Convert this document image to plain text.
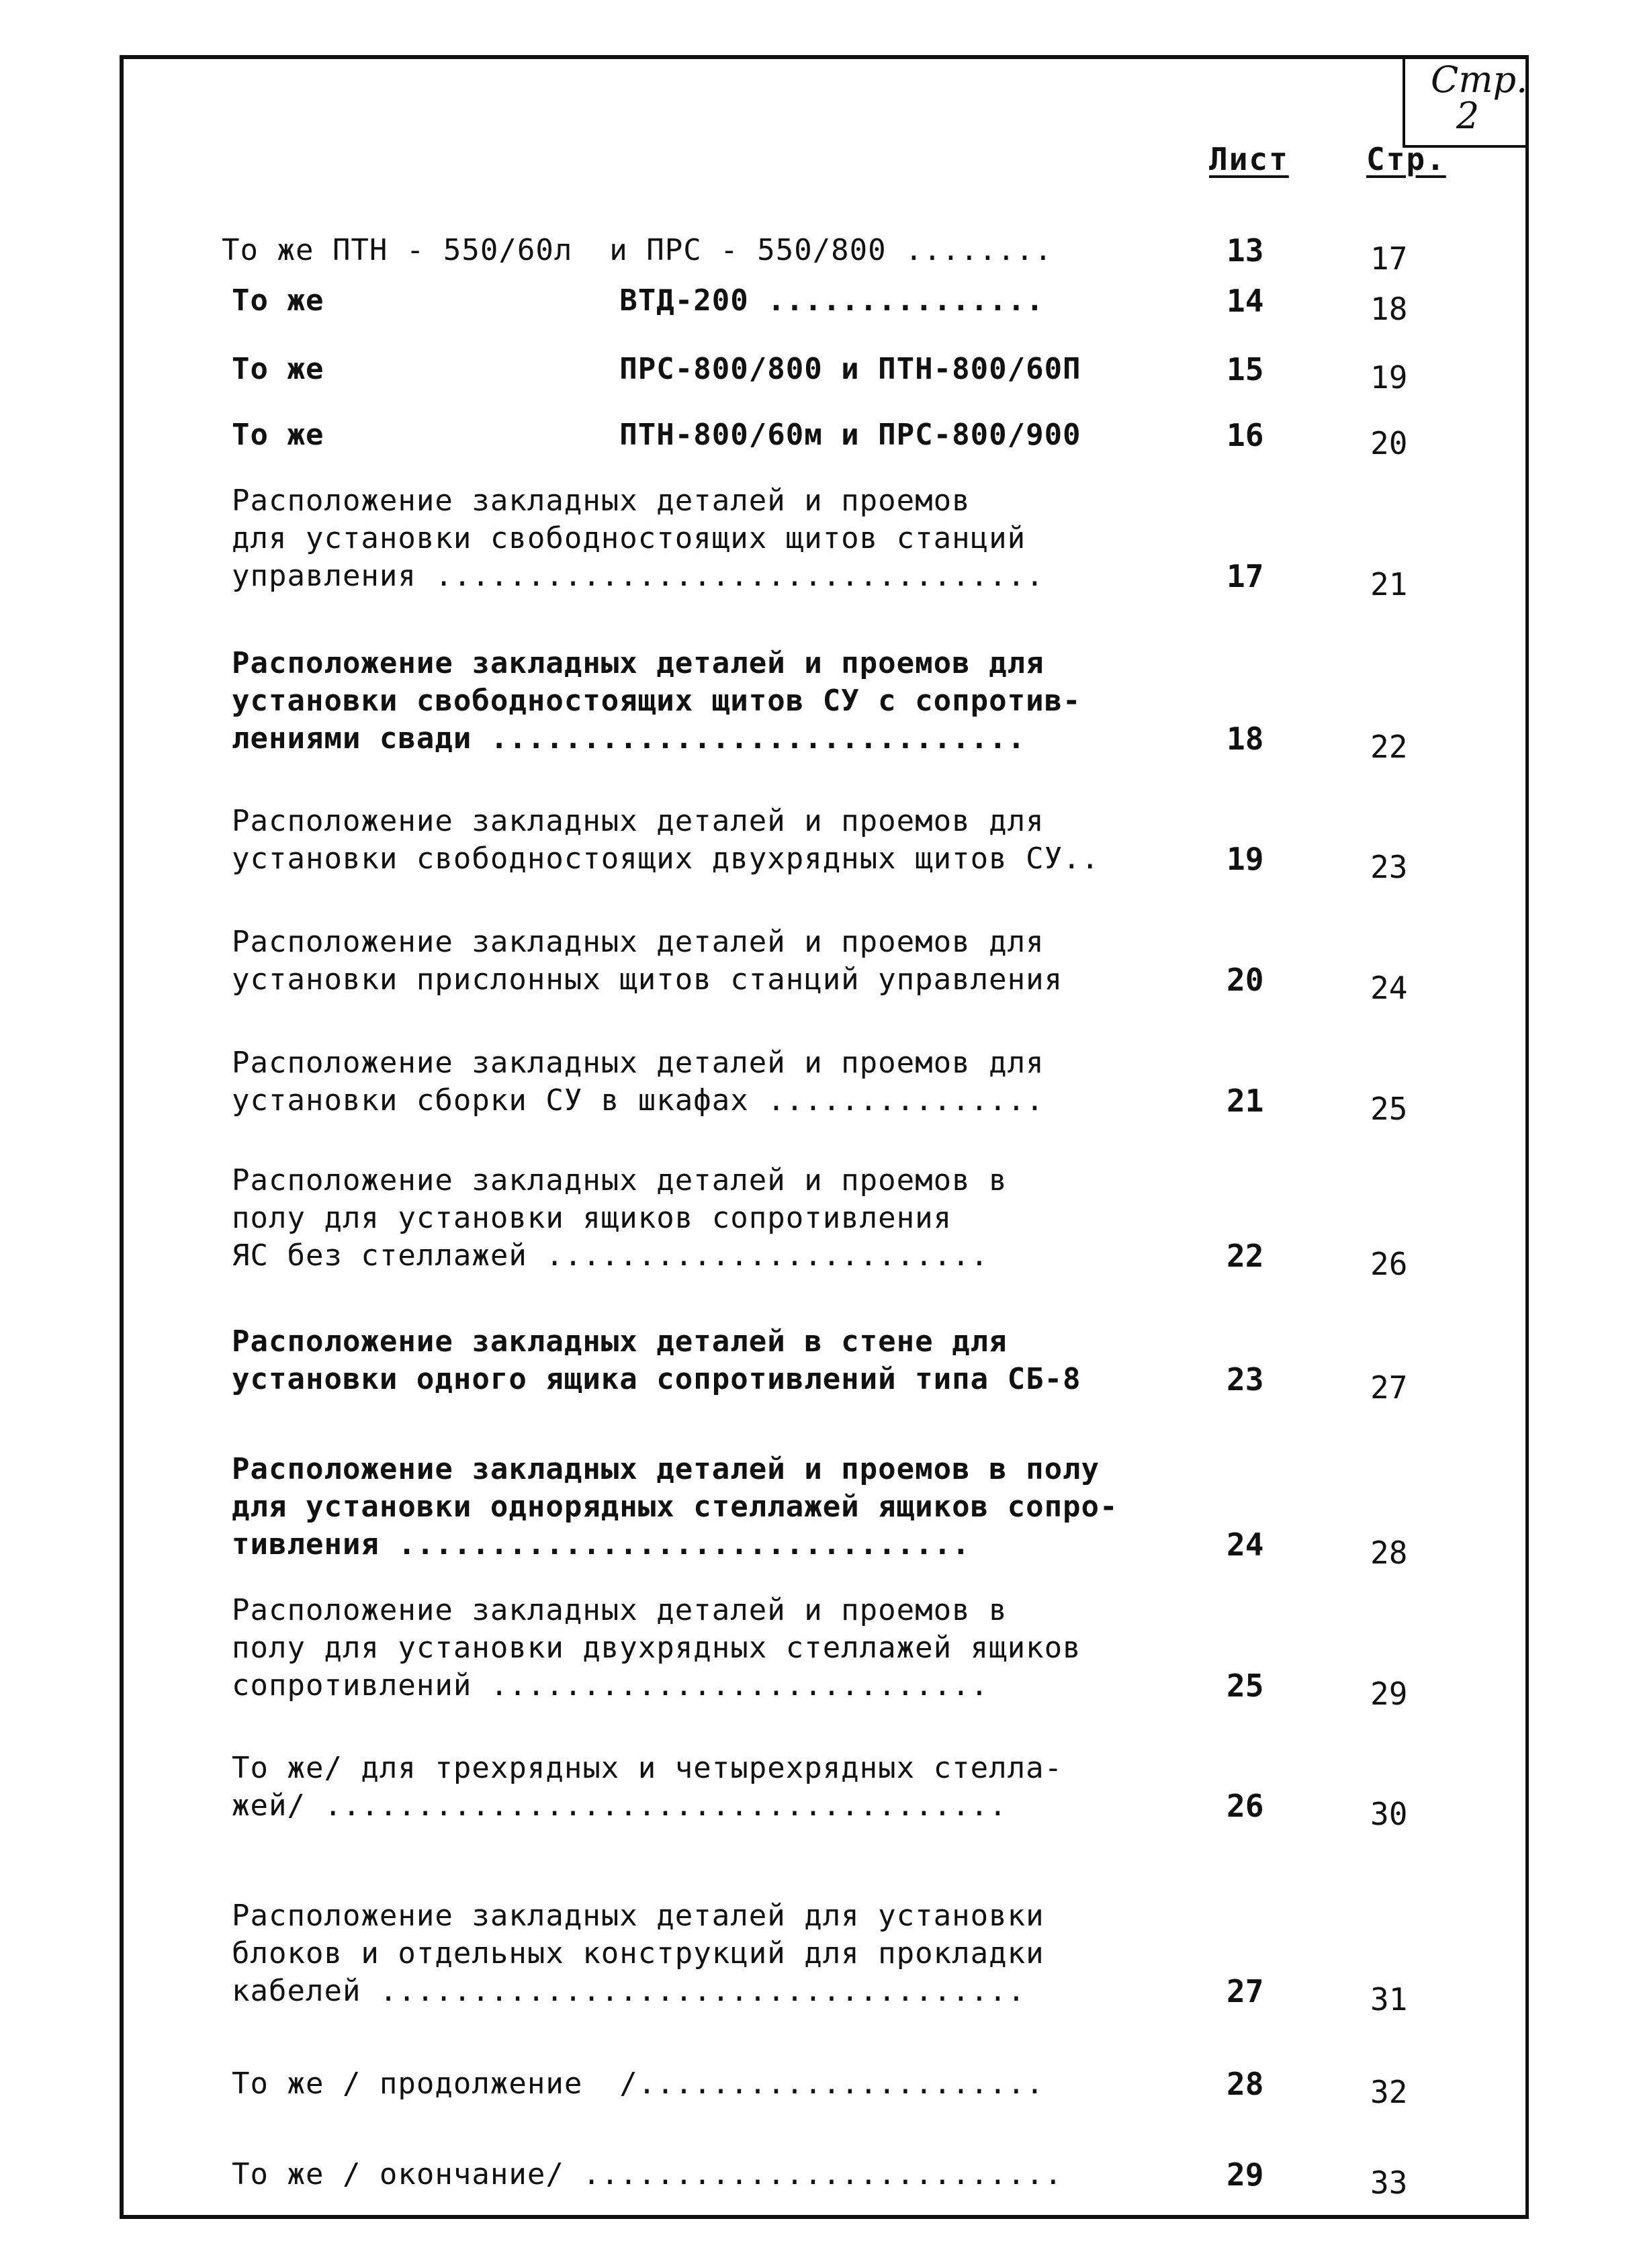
Стр.
2
Лист	Стр.
То же ПТН - 550/60л  и ПРС - 550/800 ........	13	17
То же                ВТД-200 ...............	14	18
То же                ПРС-800/800 и ПТН-800/60П	15	19
То же                ПТН-800/60м и ПРС-800/900	16	20
Расположение закладных деталей и проемов
для установки свободностоящих щитов станций
управления .................................	17	21
Расположение закладных деталей и проемов для
установки свободностоящих щитов СУ с сопротив-
лениями свади .............................	18	22
Расположение закладных деталей и проемов для
установки свободностоящих двухрядных щитов СУ..	19	23
Расположение закладных деталей и проемов для
установки прислонных щитов станций управления	20	24
Расположение закладных деталей и проемов для
установки сборки СУ в шкафах ...............	21	25
Расположение закладных деталей и проемов в
полу для установки ящиков сопротивления
ЯС без стеллажей ........................	22	26
Расположение закладных деталей в стене для
установки одного ящика сопротивлений типа СБ-8	23	27
Расположение закладных деталей и проемов в полу
для установки однорядных стеллажей ящиков сопро-
тивления ...............................	24	28
Расположение закладных деталей и проемов в
полу для установки двухрядных стеллажей ящиков
сопротивлений ...........................	25	29
То же/ для трехрядных и четырехрядных стелла-
жей/ .....................................	26	30
Расположение закладных деталей для установки
блоков и отдельных конструкций для прокладки
кабелей ...................................	27	31
То же / продолжение  /......................	28	32
То же / окончание/ ..........................	29	33
